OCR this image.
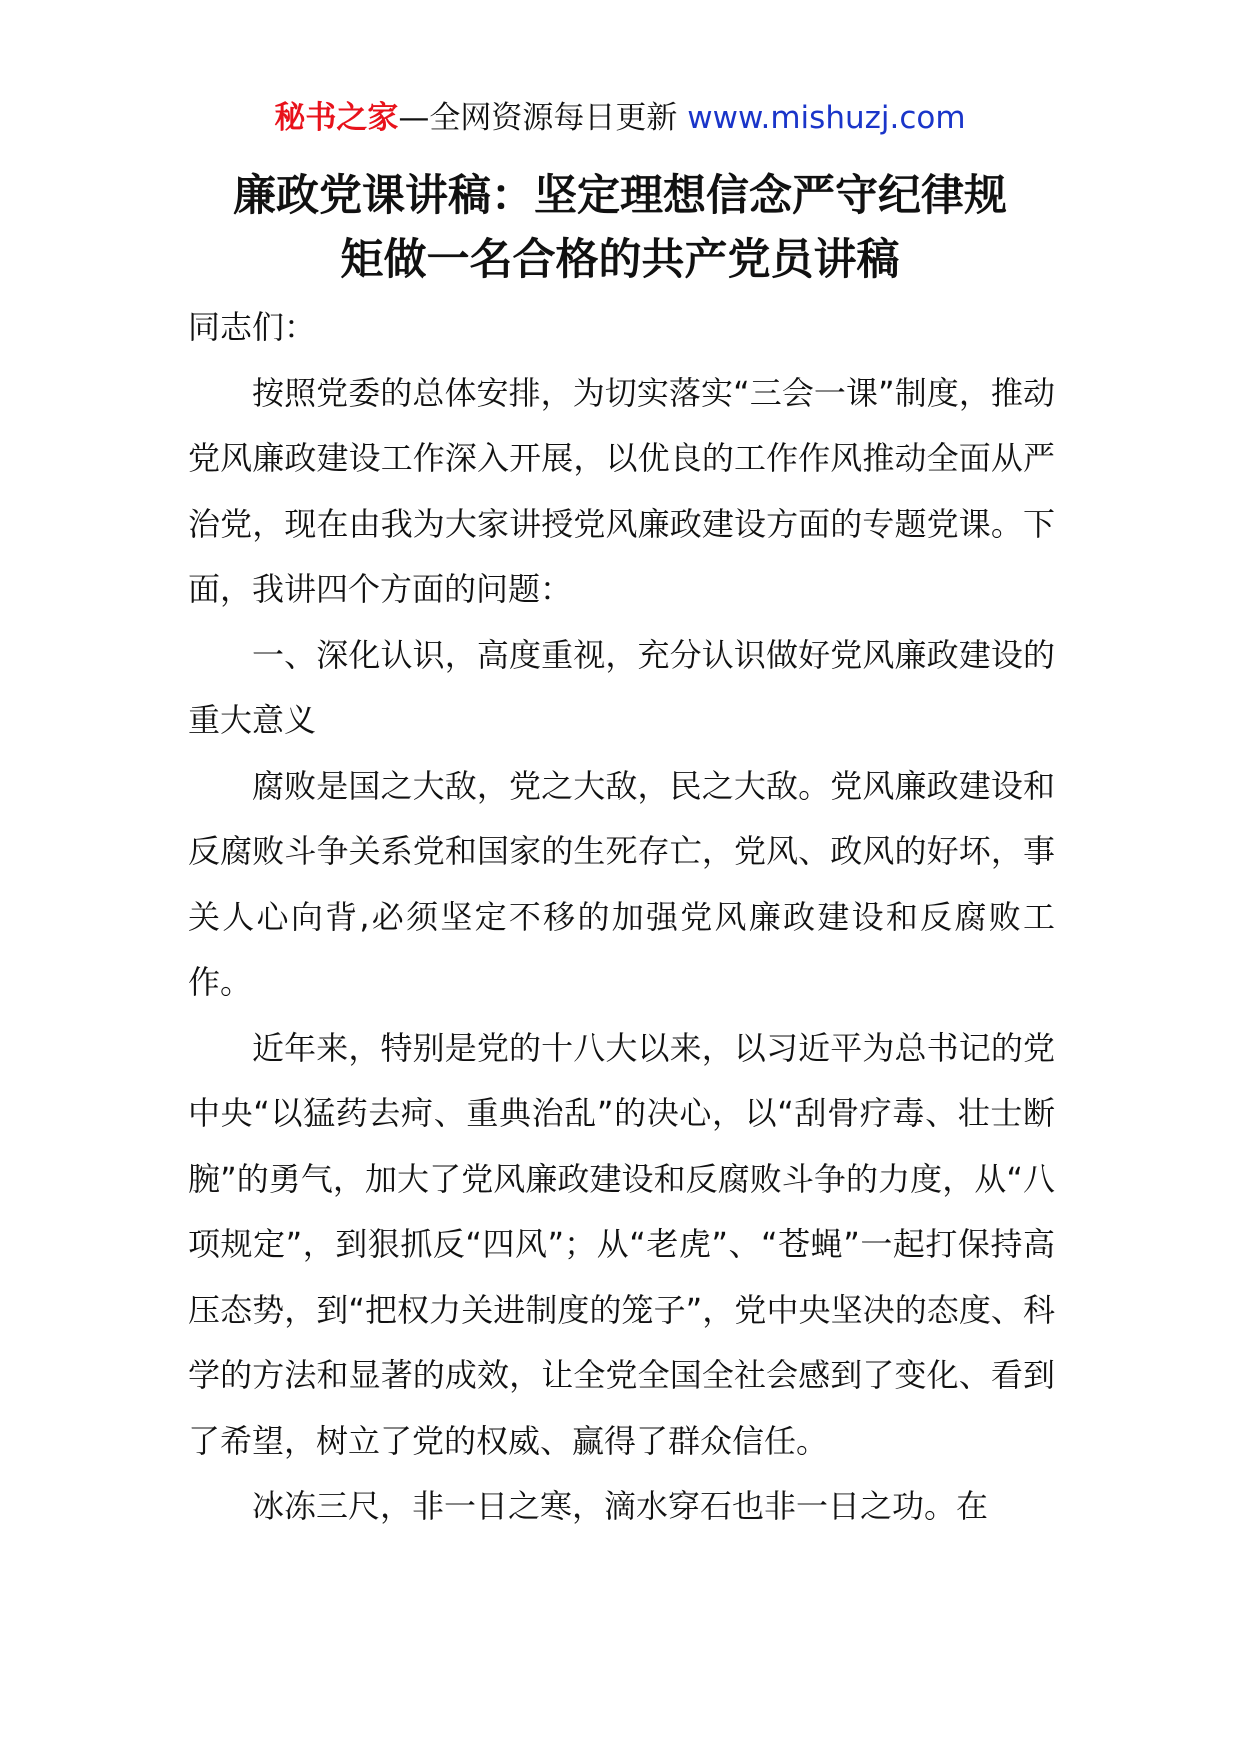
秘书之家—全网资源每日更新 www.mishuzj.com
廉政党课讲稿：坚定理想信念严守纪律规
矩做一名合格的共产党员讲稿

同志们：

按照党委的总体安排，为切实落实“三会一课”制度，推动党风廉政建设工作深入开展，以优良的工作作风推动全面从严治党，现在由我为大家讲授党风廉政建设方面的专题党课。下面，我讲四个方面的问题：

一、深化认识，高度重视，充分认识做好党风廉政建设的重大意义

腐败是国之大敌，党之大敌，民之大敌。党风廉政建设和反腐败斗争关系党和国家的生死存亡，党风、政风的好坏，事关人心向背,必须坚定不移的加强党风廉政建设和反腐败工作。

近年来，特别是党的十八大以来，以习近平为总书记的党中央“以猛药去疴、重典治乱”的决心，以“刮骨疗毒、壮士断腕”的勇气，加大了党风廉政建设和反腐败斗争的力度，从“八项规定”，到狠抓反“四风”；从“老虎”、“苍蝇”一起打保持高压态势，到“把权力关进制度的笼子”，党中央坚决的态度、科学的方法和显著的成效，让全党全国全社会感到了变化、看到了希望，树立了党的权威、赢得了群众信任。

冰冻三尺，非一日之寒，滴水穿石也非一日之功。在
